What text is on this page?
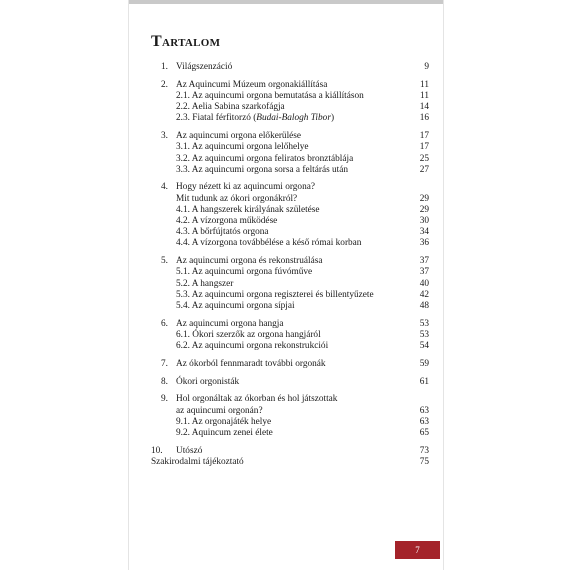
Tartalom
1. Világszenzáció	9
2. Az Aquincumi Múzeum orgonakiállítása	11
2.1. Az aquincumi orgona bemutatása a kiállításon	11
2.2. Aelia Sabina szarkofágja	14
2.3. Fiatal férfitorzó (Budai-Balogh Tibor)	16
3. Az aquincumi orgona előkerülése	17
3.1. Az aquincumi orgona lelőhelye	17
3.2. Az aquincumi orgona feliratos bronztáblája	25
3.3. Az aquincumi orgona sorsa a feltárás után	27
4. Hogy nézett ki az aquincumi orgona?
Mit tudunk az ókori orgonákról?	29
4.1. A hangszerek királyának születése	29
4.2. A vízorgona működése	30
4.3. A bőrfújtatós orgona	34
4.4. A vízorgona továbbélése a késő római korban	36
5. Az aquincumi orgona és rekonstruálása	37
5.1. Az aquincumi orgona fúvóműve	37
5.2. A hangszer	40
5.3. Az aquincumi orgona regiszterei és billentyűzete	42
5.4. Az aquincumi orgona sípjai	48
6. Az aquincumi orgona hangja	53
6.1. Ókori szerzők az orgona hangjáról	53
6.2. Az aquincumi orgona rekonstrukciói	54
7. Az ókorból fennmaradt további orgonák	59
8. Ókori orgonisták	61
9. Hol orgonáltak az ókorban és hol játszottak
az aquincumi orgonán?	63
9.1. Az orgonajáték helye	63
9.2. Aquincum zenei élete	65
10. Utószó	73
Szakirodalmi tájékoztató	75
7
